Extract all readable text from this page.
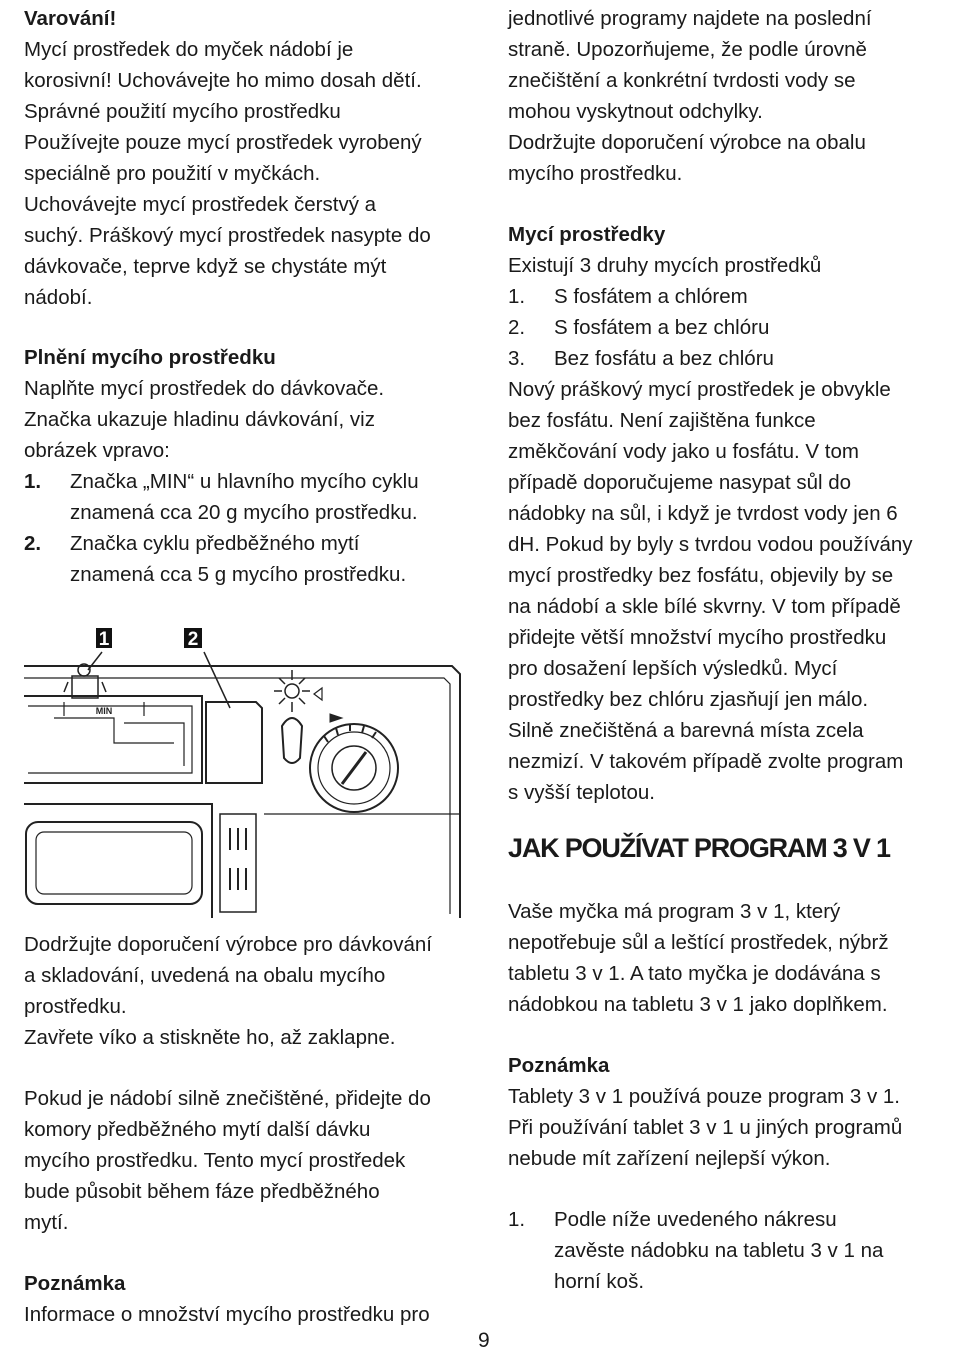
Varování!
Mycí prostředek do myček nádobí je
korosivní! Uchovávejte ho mimo dosah dětí.
Správné použití mycího prostředku
Používejte pouze mycí prostředek vyrobený
speciálně pro použití v myčkách.
Uchovávejte mycí prostředek čerstvý a
suchý. Práškový mycí prostředek nasypte do
dávkovače, teprve když se chystáte mýt
nádobí.
Plnění mycího prostředku
Naplňte mycí prostředek do dávkovače.
Značka ukazuje hladinu dávkování, viz
obrázek vpravo:
1.	Značka „MIN“ u hlavního mycího cyklu
znamená cca 20 g mycího prostředku.
2.	Značka cyklu předběžného mytí
znamená cca 5 g mycího prostředku.
1	2
MIN
Dodržujte doporučení výrobce pro dávkování
a skladování, uvedená na obalu mycího
prostředku.
Zavřete víko a stiskněte ho, až zaklapne.
Pokud je nádobí silně znečištěné, přidejte do
komory předběžného mytí další dávku
mycího prostředku. Tento mycí prostředek
bude působit během fáze předběžného
mytí.
Poznámka
Informace o množství mycího prostředku pro
jednotlivé programy najdete na poslední
straně. Upozorňujeme, že podle úrovně
znečištění a konkrétní tvrdosti vody se
mohou vyskytnout odchylky.
Dodržujte doporučení výrobce na obalu
mycího prostředku.
Mycí prostředky
Existují 3 druhy mycích prostředků
1.	S fosfátem a chlórem
2.	S fosfátem a bez chlóru
3.	Bez fosfátu a bez chlóru
Nový práškový mycí prostředek je obvykle
bez fosfátu. Není zajištěna funkce
změkčování vody jako u fosfátu. V tom
případě doporučujeme nasypat sůl do
nádobky na sůl, i když je tvrdost vody jen 6
dH. Pokud by byly s tvrdou vodou používány
mycí prostředky bez fosfátu, objevily by se
na nádobí a skle bílé skvrny. V tom případě
přidejte větší množství mycího prostředku
pro dosažení lepších výsledků. Mycí
prostředky bez chlóru zjasňují jen málo.
Silně znečištěná a barevná místa zcela
nezmizí. V takovém případě zvolte program
s vyšší teplotou.
JAK POUŽÍVAT PROGRAM 3 V 1
Vaše myčka má program 3 v 1, který
nepotřebuje sůl a leštící prostředek, nýbrž
tabletu 3 v 1. A tato myčka je dodávána s
nádobkou na tabletu 3 v 1 jako doplňkem.
Poznámka
Tablety 3 v 1 používá pouze program 3 v 1.
Při používání tablet 3 v 1 u jiných programů
nebude mít zařízení nejlepší výkon.
1.	Podle níže uvedeného nákresu
zavěste nádobku na tabletu 3 v 1 na
horní koš.
9
